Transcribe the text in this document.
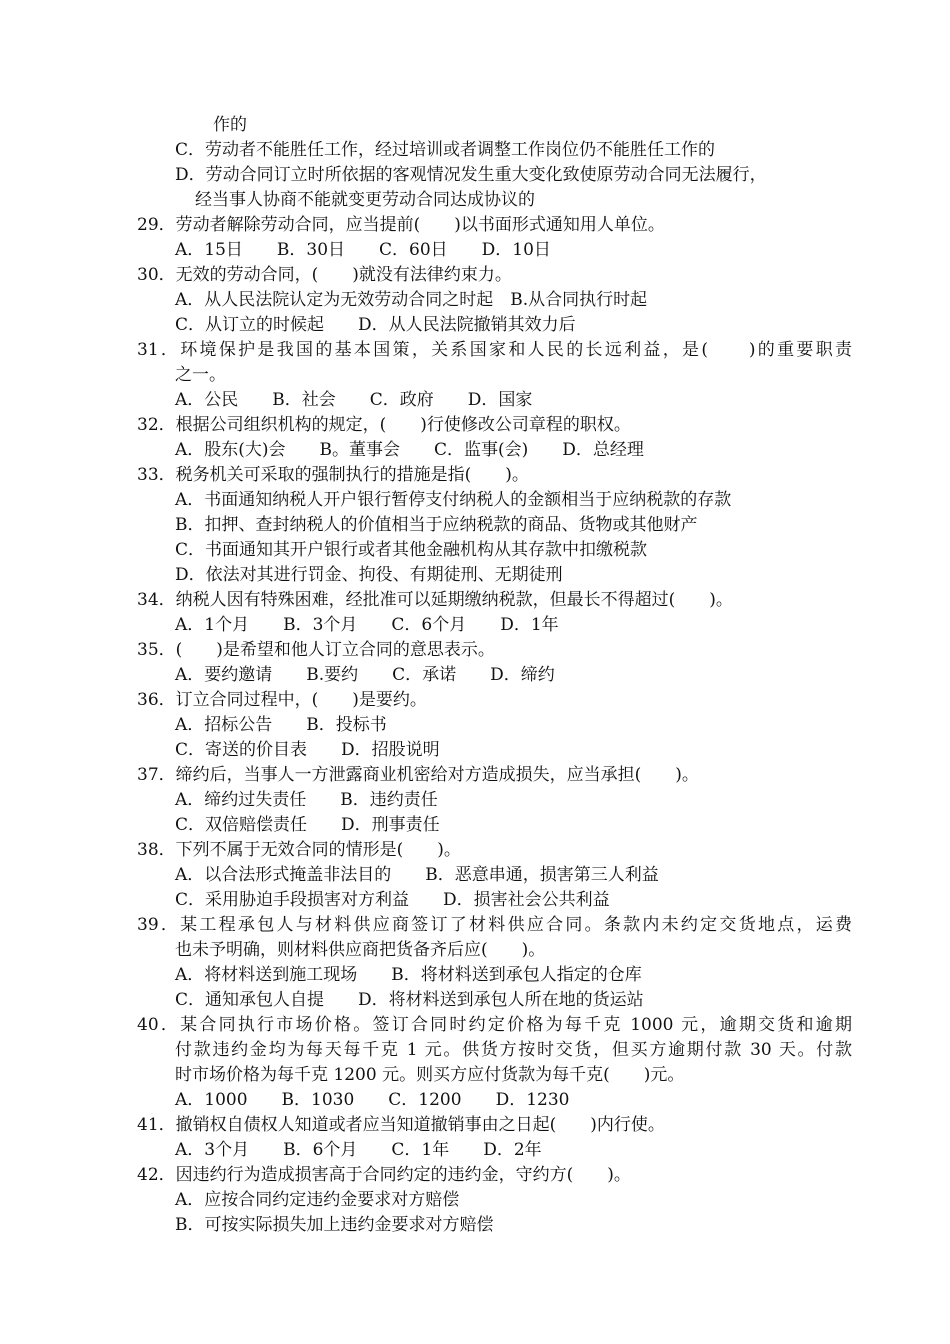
作的
C．劳动者不能胜任工作，经过培训或者调整工作岗位仍不能胜任工作的
D．劳动合同订立时所依据的客观情况发生重大变化致使原劳动合同无法履行，
经当事人协商不能就变更劳动合同达成协议的
29．劳动者解除劳动合同，应当提前(　　)以书面形式通知用人单位。
A．15日　　B．30日　　C．60日　　D．10日
30．无效的劳动合同，(　　)就没有法律约束力。
A．从人民法院认定为无效劳动合同之时起　B.从合同执行时起
C．从订立的时候起　　D．从人民法院撤销其效力后
31．环境保护是我国的基本国策，关系国家和人民的长远利益，是(　　)的重要职责
之一。
A．公民　　B．社会　　C．政府　　D．国家
32．根据公司组织机构的规定，(　　)行使修改公司章程的职权。
A．股东(大)会　　B。董事会　　C．监事(会)　　D．总经理
33．税务机关可采取的强制执行的措施是指(　　)。
A．书面通知纳税人开户银行暂停支付纳税人的金额相当于应纳税款的存款
B．扣押、查封纳税人的价值相当于应纳税款的商品、货物或其他财产
C．书面通知其开户银行或者其他金融机构从其存款中扣缴税款
D．依法对其进行罚金、拘役、有期徒刑、无期徒刑
34．纳税人因有特殊困难，经批准可以延期缴纳税款，但最长不得超过(　　)。
A．1个月　　B．3个月　　C．6个月　　D．1年
35．(　　)是希望和他人订立合同的意思表示。
A．要约邀请　　B.要约　　C．承诺　　D．缔约
36．订立合同过程中，(　　)是要约。
A．招标公告　　B．投标书
C．寄送的价目表　　D．招股说明
37．缔约后，当事人一方泄露商业机密给对方造成损失，应当承担(　　)。
A．缔约过失责任　　B．违约责任
C．双倍赔偿责任　　D．刑事责任
38．下列不属于无效合同的情形是(　　)。
A．以合法形式掩盖非法目的　　B．恶意串通，损害第三人利益
C．采用胁迫手段损害对方利益　　D．损害社会公共利益
39．某工程承包人与材料供应商签订了材料供应合同。条款内未约定交货地点，运费
也未予明确，则材料供应商把货备齐后应(　　)。
A．将材料送到施工现场　　B．将材料送到承包人指定的仓库
C．通知承包人自提　　D．将材料送到承包人所在地的货运站
40．某合同执行市场价格。签订合同时约定价格为每千克 1000 元，逾期交货和逾期
付款违约金均为每天每千克 1 元。供货方按时交货，但买方逾期付款 30 天。付款
时市场价格为每千克 1200 元。则买方应付货款为每千克(　　)元。
A．1000　　B．1030　　C．1200　　D．1230
41．撤销权自债权人知道或者应当知道撤销事由之日起(　　)内行使。
A．3个月　　B．6个月　　C．1年　　D．2年
42．因违约行为造成损害高于合同约定的违约金，守约方(　　)。
A．应按合同约定违约金要求对方赔偿
B．可按实际损失加上违约金要求对方赔偿
